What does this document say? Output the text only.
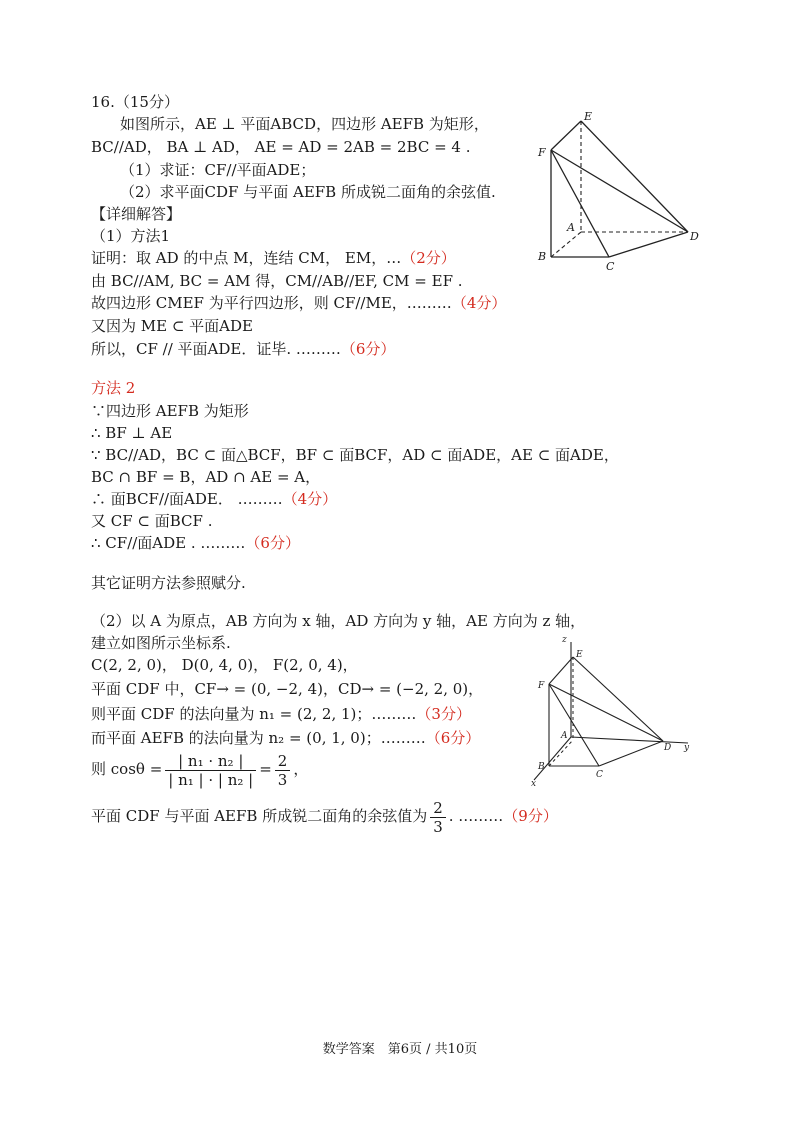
16.（15分）
如图所示，AE ⊥ 平面ABCD，四边形 AEFB 为矩形，
BC//AD， BA ⊥ AD， AE = AD = 2AB = 2BC = 4 .
（1）求证：CF//平面ADE；
（2）求平面CDF 与平面 AEFB 所成锐二面角的余弦值.
【详细解答】
（1）方法1
证明：取 AD 的中点 M，连结 CM， EM，…（2分）
由 BC//AM, BC = AM 得，CM//AB//EF, CM = EF .
故四边形 CMEF 为平行四边形，则 CF//ME，………（4分）
又因为 ME ⊂ 平面ADE
所以，CF // 平面ADE．证毕. ………（6分）
方法 2
∵四边形 AEFB 为矩形
∴ BF ⊥ AE
∵ BC//AD，BC ⊂ 面△BCF，BF ⊂ 面BCF，AD ⊂ 面ADE，AE ⊂ 面ADE，
BC ∩ BF = B，AD ∩ AE = A，
∴ 面BCF//面ADE． ………（4分）
又 CF ⊂ 面BCF .
∴ CF//面ADE . ………（6分）
其它证明方法参照赋分.
（2）以 A 为原点，AB 方向为 x 轴，AD 方向为 y 轴，AE 方向为 z 轴，
建立如图所示坐标系.
C(2, 2, 0)， D(0, 4, 0)， F(2, 0, 4)，
平面 CDF 中，CF→ = (0, −2, 4)，CD→ = (−2, 2, 0)，
则平面 CDF 的法向量为 n₁ = (2, 2, 1)；………（3分）
而平面 AEFB 的法向量为 n₂ = (0, 1, 0)；………（6分）
则 $\cos\theta = \frac{\text{| n₁ · n₂ |}}{\text{| n₁ | · | n₂ |}} = \frac{2}{3}$ ，
平面 CDF 与平面 AEFB 所成锐二面角的余弦值为 $\frac{2}{3}$ . ………（9分）
E
F
A
B
C
D
z
E
F
A
B
C
D y
x
数学答案　第6页 / 共10页
